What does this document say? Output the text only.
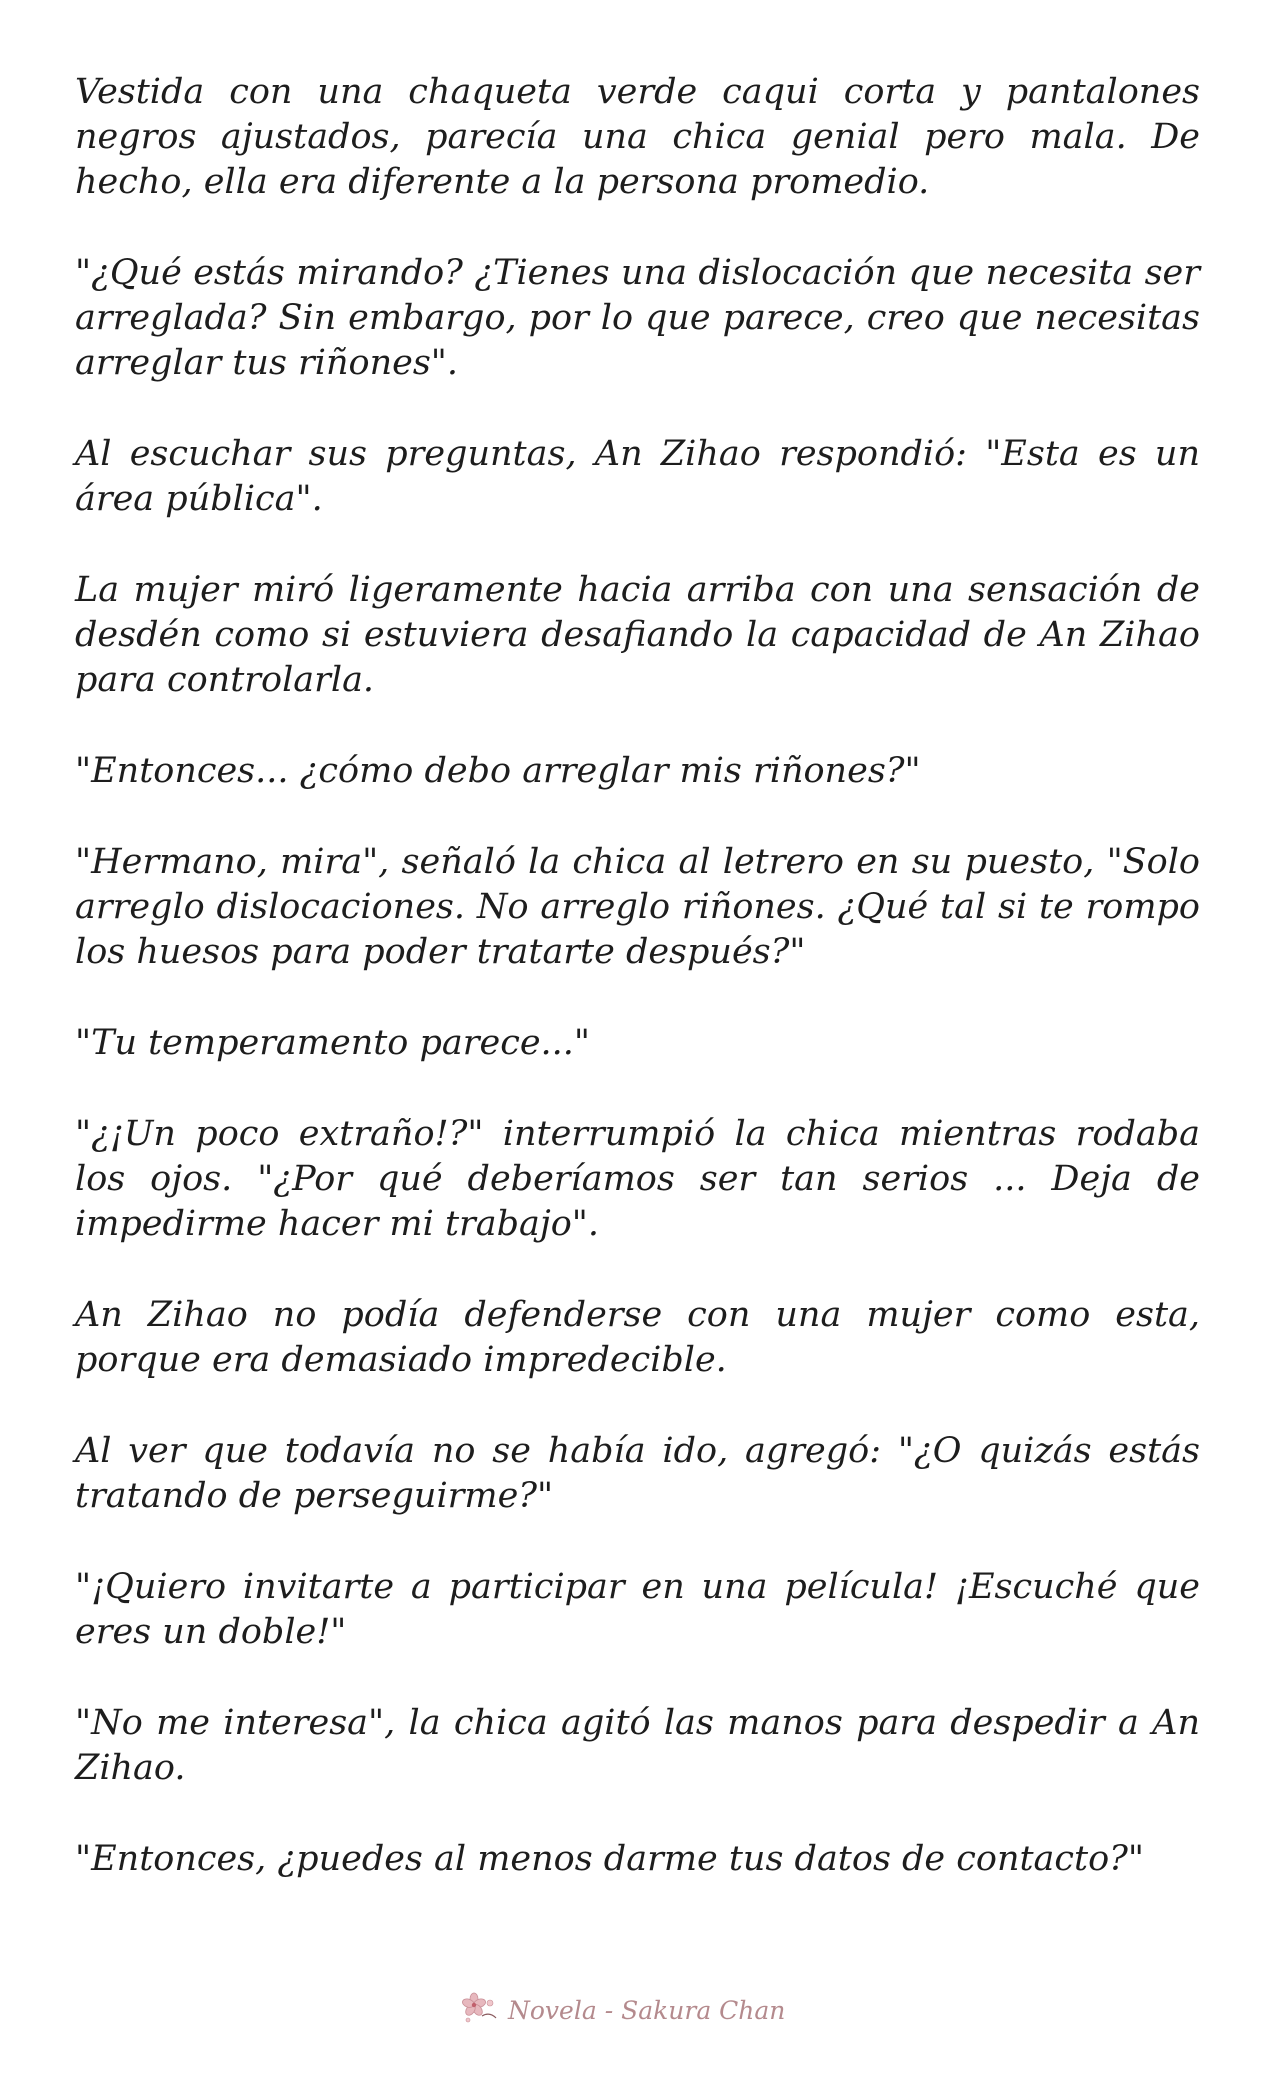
Vestida con una chaqueta verde caqui corta y pantalones negros ajustados, parecía una chica genial pero mala. De hecho, ella era diferente a la persona promedio.

"¿Qué estás mirando? ¿Tienes una dislocación que necesita ser arreglada? Sin embargo, por lo que parece, creo que necesitas arreglar tus riñones".

Al escuchar sus preguntas, An Zihao respondió: "Esta es un área pública".

La mujer miró ligeramente hacia arriba con una sensación de desdén como si estuviera desafiando la capacidad de An Zihao para controlarla.

"Entonces... ¿cómo debo arreglar mis riñones?"

"Hermano, mira", señaló la chica al letrero en su puesto, "Solo arreglo dislocaciones. No arreglo riñones. ¿Qué tal si te rompo los huesos para poder tratarte después?"

"Tu temperamento parece..."

"¿¡Un poco extraño!?" interrumpió la chica mientras rodaba los ojos. "¿Por qué deberíamos ser tan serios ... Deja de impedirme hacer mi trabajo".

An Zihao no podía defenderse con una mujer como esta, porque era demasiado impredecible.

Al ver que todavía no se había ido, agregó: "¿O quizás estás tratando de perseguirme?"

"¡Quiero invitarte a participar en una película! ¡Escuché que eres un doble!"

"No me interesa", la chica agitó las manos para despedir a An Zihao.

"Entonces, ¿puedes al menos darme tus datos de contacto?"

Novela - Sakura Chan
